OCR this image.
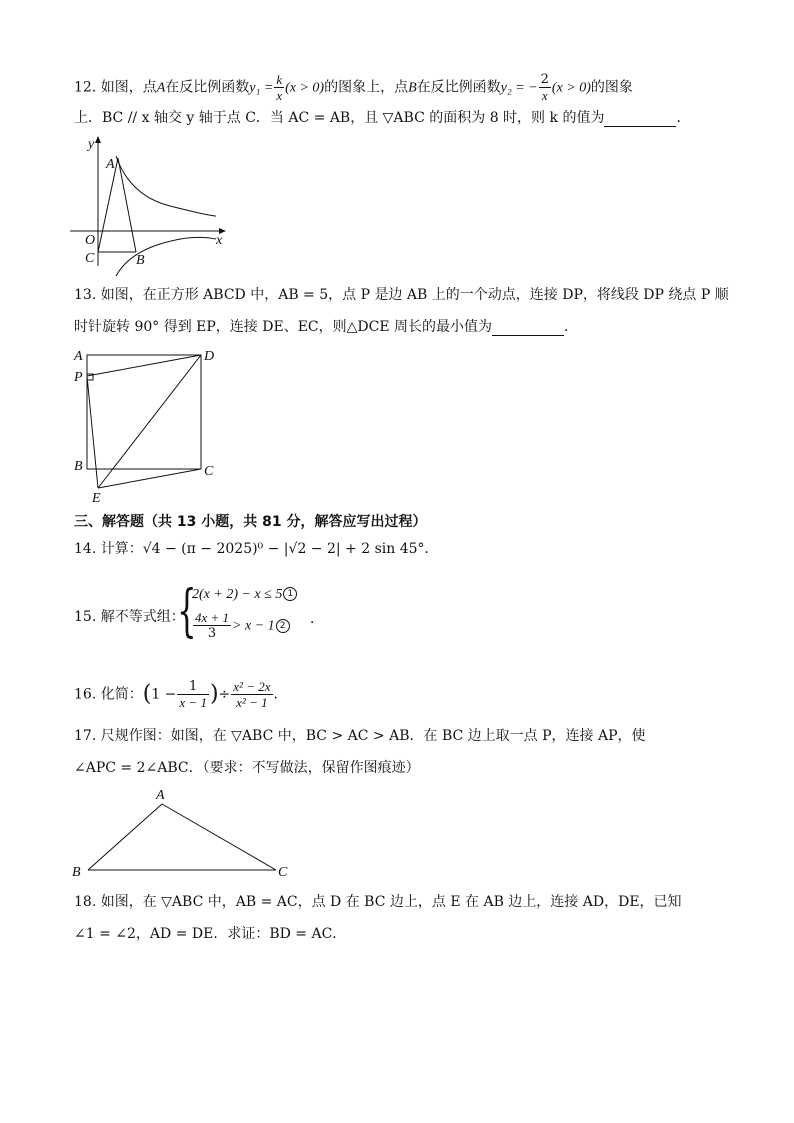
12. 如图，点A在反比例函数$y_1 = \frac{k}{x} (x > 0)$的图象上，点B在反比例函数y₂ = − $\frac{2}{x} (x > 0)$的图象
上．BC // x 轴交 y 轴于点 C．当 AC = AB，且 ▽ABC 的面积为 8 时，则 k 的值为	．
y
x
A
O
C	B
13. 如图，在正方形 ABCD 中，AB = 5，点 P 是边 AB 上的一个动点，连接 DP，将线段 DP 绕点 P 顺
时针旋转 90° 得到 EP，连接 DE、EC，则△DCE 周长的最小值为	．
A	D
P
B	C
E
三、解答题（共 13 小题，共 81 分，解答应写出过程）
14. 计算：√4 − (π − 2025)⁰ − |√2 − 2| + 2 sin 45°．
15. 解不等式组：
{
2(x + 2) − x ≤ 5 1
$\frac{4x + 1}{3} > x - 1$ 2 ．
16. 化简：($1 - \frac{1}{x - 1}$ )÷ $\frac{\text{x² − 2x}}{\text{x² − 1}}$ ．
17. 尺规作图：如图，在 ▽ABC 中，BC > AC > AB．在 BC 边上取一点 P，连接 AP，使
∠APC = 2∠ABC．（要求：不写做法，保留作图痕迹）
A
B	C
18. 如图，在 ▽ABC 中，AB = AC，点 D 在 BC 边上，点 E 在 AB 边上，连接 AD，DE，已知
∠1 = ∠2，AD = DE．求证：BD = AC．
